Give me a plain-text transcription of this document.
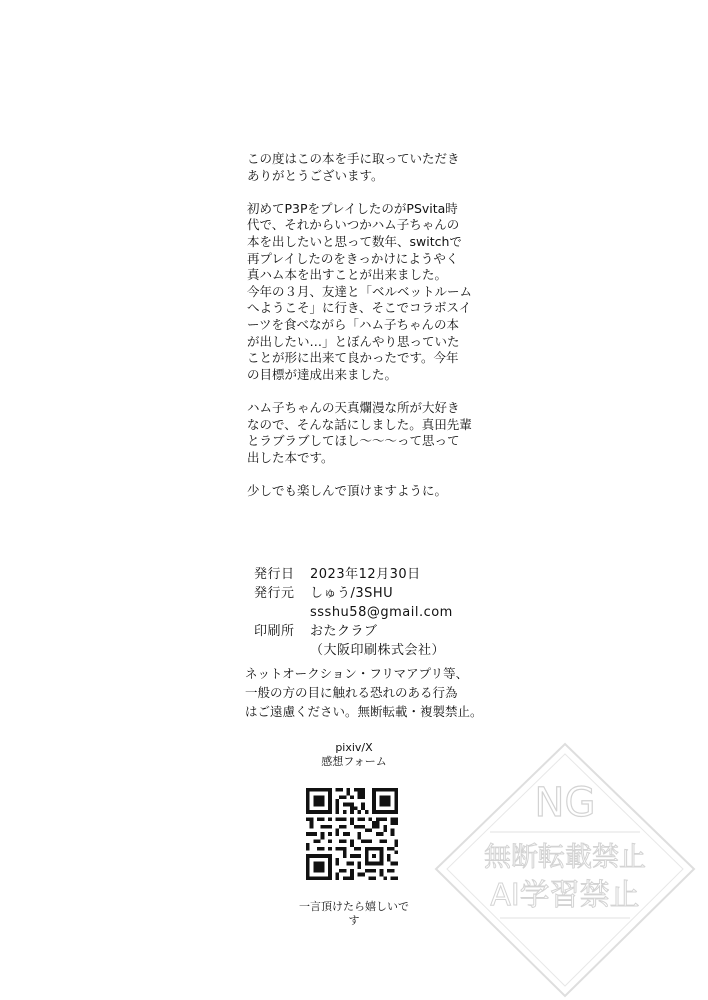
この度はこの本を手に取っていただき
ありがとうございます。

初めてP3PをプレイしたのがPSvita時
代で、それからいつかハム子ちゃんの
本を出したいと思って数年、switchで
再プレイしたのをきっかけにようやく
真ハム本を出すことが出来ました。
今年の３月、友達と「ベルベットルーム
へようこそ」に行き、そこでコラボスイ
ーツを食べながら「ハム子ちゃんの本
が出したい…」とぼんやり思っていた
ことが形に出来て良かったです。今年
の目標が達成出来ました。

ハム子ちゃんの天真爛漫な所が大好き
なので、そんな話にしました。真田先輩
とラブラブしてほし〜〜〜って思って
出した本です。

少しでも楽しんで頂けますように。

発行日	2023年12月30日
発行元	しゅう/3SHU
ssshu58@gmail.com
印刷所	おたクラブ
（大阪印刷株式会社）
ネットオークション・フリマアプリ等、
一般の方の目に触れる恐れのある行為
はご遠慮ください。無断転載・複製禁止。
pixiv/X
感想フォーム
一言頂けたら嬉しいです
NG
無断転載禁止
AI学習禁止
